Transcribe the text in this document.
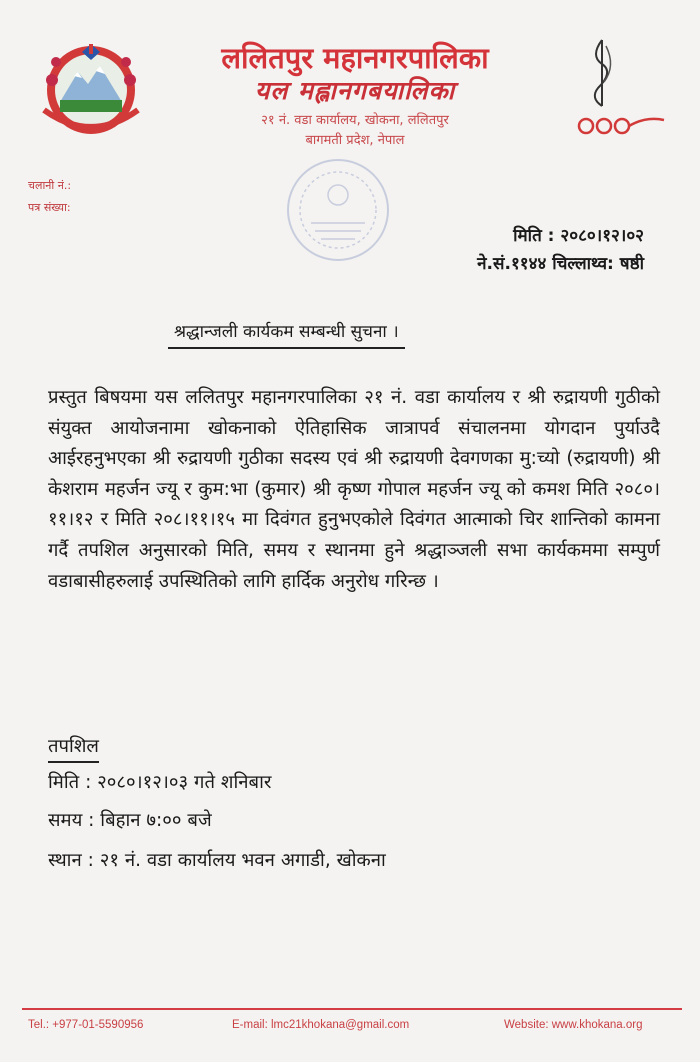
ललितपुर महानगरपालिका
यल मह्लानगबयालिका
२१ नं. वडा कार्यालय, खोकना, ललितपुर
बागमती प्रदेश, नेपाल
चलानी नं.:
पत्र संख्या:
मिति : २०८०।१२।०२
ने.सं.११४४ चिल्लाथ्व: षष्ठी
श्रद्धान्जली कार्यकम सम्बन्धी सुचना ।
प्रस्तुत बिषयमा यस ललितपुर महानगरपालिका २१ नं. वडा कार्यालय र श्री रुद्रायणी गुठीको संयुक्त आयोजनामा खोकनाको ऐतिहासिक जात्रापर्व संचालनमा योगदान पुर्याउदै आईरहनुभएका श्री रुद्रायणी गुठीका सदस्य एवं श्री रुद्रायणी देवगणका मु:च्यो (रुद्रायणी) श्री केशराम महर्जन ज्यू र कुम:भा (कुमार) श्री कृष्ण गोपाल महर्जन ज्यू को कमश मिति २०८०।११।१२ र मिति २०८।११।१५ मा दिवंगत हुनुभएकोले दिवंगत आत्माको चिर शान्तिको कामना गर्दै तपशिल अनुसारको मिति, समय र स्थानमा हुने श्रद्धाञ्जली सभा कार्यकममा सम्पुर्ण वडाबासीहरुलाई उपस्थितिको लागि हार्दिक अनुरोध गरिन्छ ।
तपशिल
मिति : २०८०।१२।०३ गते शनिबार
समय : बिहान ७:०० बजे
स्थान : २१ नं. वडा कार्यालय भवन अगाडी, खोकना
Tel.: +977-01-5590956	E-mail: lmc21khokana@gmail.com	Website: www.khokana.org
